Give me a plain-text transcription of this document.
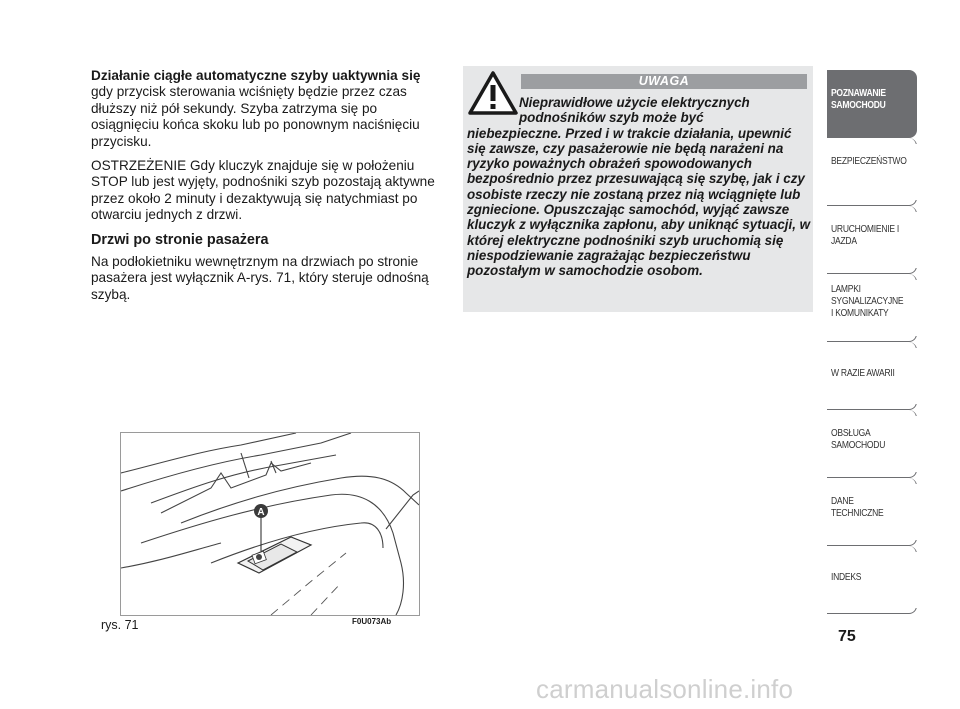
Działanie ciągłe automatyczne szyby uaktywnia się
gdy przycisk sterowania wciśnięty będzie przez czas dłuższy niż pół sekundy. Szyba zatrzyma się po osiągnięciu końca skoku lub po ponownym naciśnięciu przycisku.

OSTRZEŻENIE Gdy kluczyk znajduje się w położeniu STOP lub jest wyjęty, podnośniki szyb pozostają aktywne przez około 2 minuty i dezaktywują się natychmiast po otwarciu jednych z drzwi.

Drzwi po stronie pasażera

Na podłokietniku wewnętrznym na drzwiach po stronie pasażera jest wyłącznik A-rys. 71, który steruje odnośną szybą.

UWAGA
Nieprawidłowe użycie elektrycznych podnośników szyb może być
niebezpieczne. Przed i w trakcie działania, upewnić się zawsze, czy pasażerowie nie będą narażeni na ryzyko poważnych obrażeń spowodowanych bezpośrednio przez przesuwającą się szybę, jak i czy osobiste rzeczy nie zostaną przez nią wciągnięte lub zgniecione. Opuszczając samochód, wyjąć zawsze kluczyk z wyłącznika zapłonu, aby uniknąć sytuacji, w której elektryczne podnośniki szyb uruchomią się niespodziewanie zagrażając bezpieczeństwu pozostałym w samochodzie osobom.
A
rys. 71	F0U073Ab
POZNAWANIE SAMOCHODU
BEZPIECZEŃSTWO
URUCHOMIENIE I JAZDA
LAMPKI SYGNALIZACYJNE I KOMUNIKATY
W RAZIE AWARII
OBSŁUGA SAMOCHODU
DANE TECHNICZNE
INDEKS
75
carmanualsonline.info
